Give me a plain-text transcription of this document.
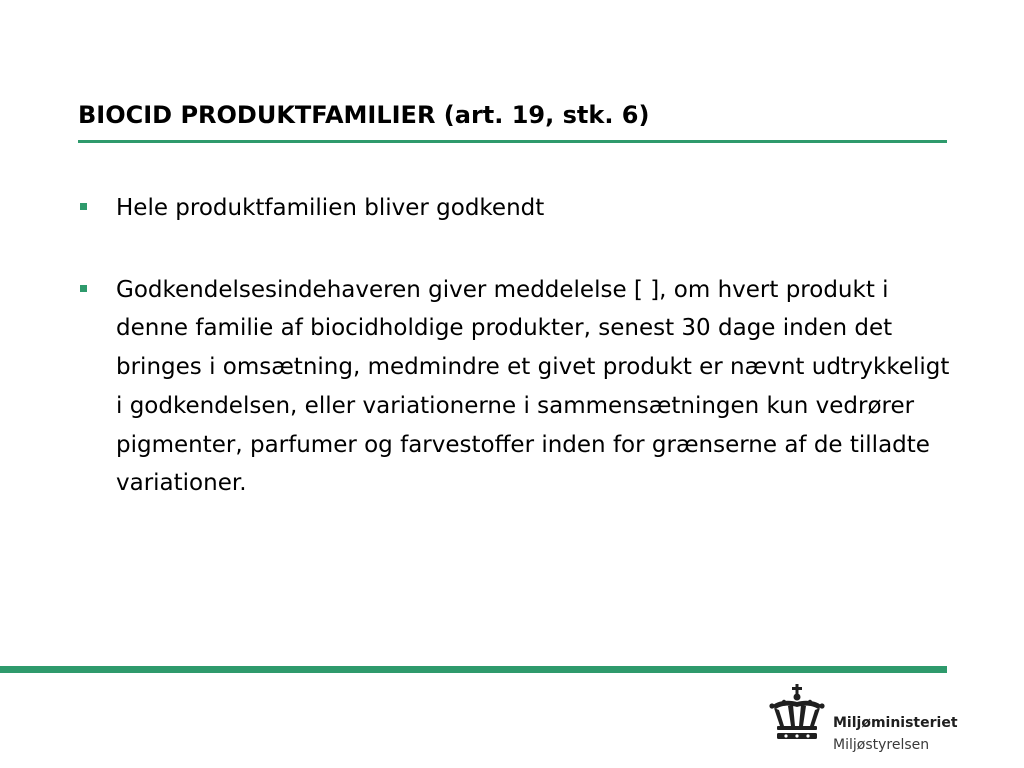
BIOCID PRODUKTFAMILIER (art. 19, stk. 6)
Hele produktfamilien bliver godkendt
Godkendelsesindehaveren giver meddelelse [ ], om hvert produkt i denne familie af biocidholdige produkter, senest 30 dage inden det bringes i omsætning, medmindre et givet produkt er nævnt udtrykkeligt i godkendelsen, eller variationerne i sammensætningen kun vedrører pigmenter, parfumer og farvestoffer inden for grænserne af de tilladte variationer.
Miljøministeriet
Miljøstyrelsen
